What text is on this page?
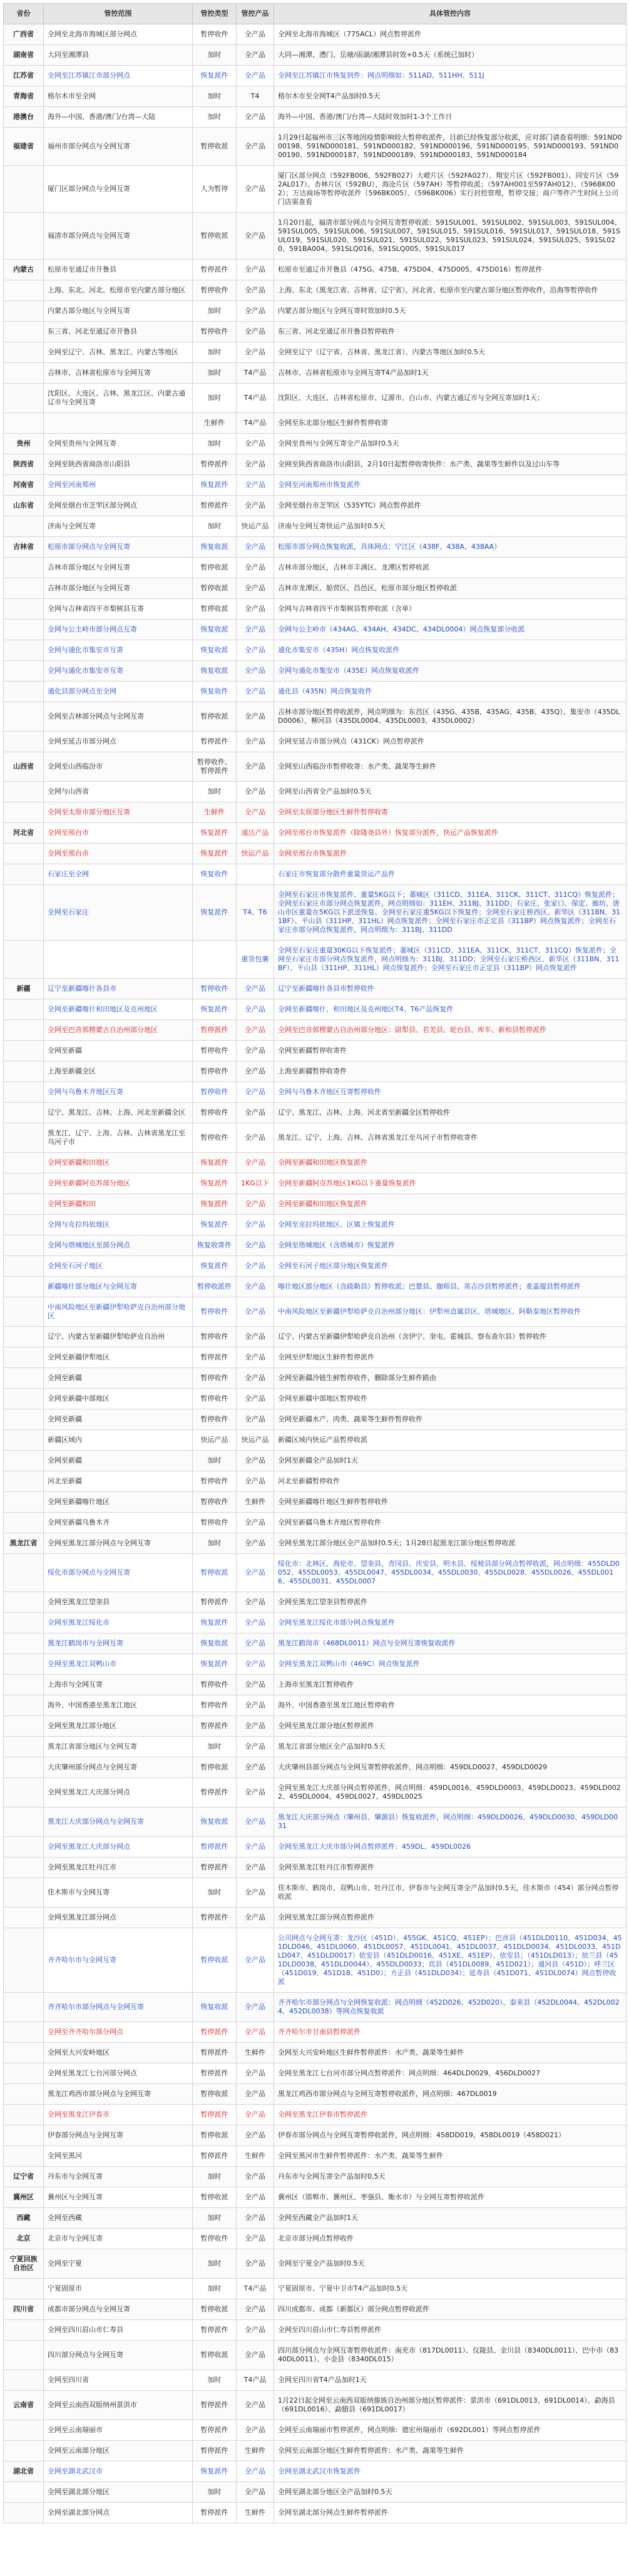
省份	管控范围	管控类型	管控产品	具体管控内容
广西省	全网至北海市海城区部分网点	暂停收件	全产品	全网至北海市海城区（775ACL）网点暂停派件
湖南省	大同至湘潭县	加时	全产品	大同—湘潭、澧门、岳塘/雨湖/湘潭县时效+0.5天（系统已加时）
江苏省	全网至江苏镇江市部分网点	恢复派件	全产品	全网至江苏镇江市恢复到件：网点明细如：511AD、511HH、511J
青海省	格尔木市至全网	加时	T4	格尔木市至全网T4产品加时0.5天
港澳台	海外—中国、香港/澳门/台湾—大陆	加时	全产品	海外—中国、香港/澳门/台湾—大陆时效加时1-3个工作日
福建省	福州市部分网点与全网互寄	暂停收派	全产品	1月29日起福州市三区等地因疫情影响较大暂停收派件，目前已经恢复部分收派，应对部门请查看明细：591ND000198、591ND000181、591ND000182、591ND000196、591ND000195、591ND000193、591ND000190、591ND000187、591ND000189、591ND000183、591ND000184
	厦门区部分网点与全网互寄	人为暂停	全产品	厦门区部分网点（592FB006、592FB027）大嶝片区（592FA027）、翔安片区（592FB001）、同安片区（592AL017）、杏林片区（592BU）、海沧片区（597AH）等暂停收派；（597AH001至597AH012）、（596BK002）；万达商场等暂停收派件（596BK005）、（596BK006）实行封控管理，暂停交接；商户等件产生时间上公司门店需查看
	福清市部分网点与全网互寄	暂停收派	全产品	1月20日起，福清市部分网点与全网互寄暂停收派：591SUL001、591SUL002、591SUL003、591SUL004、591SUL005、591SUL006、591SUL007、591SUL015、591SUL016、591SUL017、591SUL018、591SUL019、591SUL020、591SUL021、591SUL022、591SUL023、591SUL024、591SUL025、591SL020、591BA004、591SLQ016、591SLQ005、591SUL017
内蒙古	松原市至通辽市开鲁县	暂停派件	全产品	松原市至通辽市开鲁县（475G、475B、475D04、475D005、475D016）暂停派件
	上海、东北、河北、松原市至内蒙古部分地区	暂停收件	全产品	上海、东北（黑龙江省、吉林省、辽宁省）、河北省、松原市至内蒙古部分地区暂停收件，沿海等暂停收件
	内蒙古部分地区与全网互寄	加时	全产品	内蒙古部分地区与全网互寄时效加时0.5天
	东三省、河北至通辽市开鲁县	暂停收件	全产品	东三省、河北至通辽市开鲁县暂停收件
	全网至辽宁、吉林、黑龙江、内蒙古等地区	加时	全产品	全网至辽宁（辽宁省、吉林省、黑龙江省）、内蒙古等地区加时0.5天
	吉林市、吉林省松原市与全网互寄	加时	T4产品	吉林市、吉林省松原市与全网互寄T4产品加时1天
	沈阳区、大连区、吉林、黑龙江区、内蒙古通辽市与全网互寄	加时	T4产品	沈阳区、大连区、吉林省松原市、辽源市、白山市、内蒙古通辽市与全网互寄加时1天；
		生鲜件	T4产品	全网至东北部分地区生鲜件暂停收寄
贵州	全网至贵州与全网互寄	加时	全产品	全网至贵州与全网互寄全产品加时0.5天
陕西省	全网至陕西省商洛市山阳县	暂停派件	全产品	全网至陕西省商洛市山阳县，2月10日起暂停收寄快件：水产类、蔬果等生鲜件以及过山车等
河南省	全网至河南郑州	恢复派件	全产品	全网至河南郑州市恢复派件
山东省	全网至烟台市芝罘区部分网点	暂停派件	全产品	全网至烟台市芝罘区（535YTC）网点暂停派件
	济南与全网互寄	加时	快运产品	济南与全网互寄快运产品加时0.5天
吉林省	松原市部分网点与全网互寄	恢复收派	全产品	松原市部分网点恢复收派，具体网点：宁江区（438F、438A、438AA）
	吉林市部分地区与全网互寄	暂停收派	全产品	吉林市部分地区，吉林市丰满区、龙潭区暂停收派
	吉林市部分地区与全网互寄	暂停收派	全产品	吉林市龙潭区、船营区、昌邑区、松原市部分地区暂停收派
	全网与吉林省四平市梨树县互寄	暂停收派	全产品	全网与吉林省四平市梨树县暂停收派（含单）
	全网与公主岭市部分网点互寄	恢复收派	全产品	全网与公主岭市（434AG、434AH、434DC、434DL0004）网点恢复部分收派
	全网与通化市集安市互寄	恢复收派	全产品	通化市集安市（435H）网点恢复收派件
	全网与通化市集安市互寄	恢复收派	全产品	全网与通化市集安市（435E）网点恢复收派件
	通化县部分网点至全网	恢复收件	全产品	通化县（435N）网点恢复收件
	全网至吉林部分网点与全网互寄	暂停收派	全产品	吉林市部分地区暂停收派件，网点明细为：东昌区（435G、435B、435AG、435B、435Q）、集安市（435DLD0006）、柳河县（435DL0004、435DL0003、435DL0002）
	全网至延吉市部分网点	暂停派件	全产品	全网至延吉市部分网点（431CK）网点暂停派件
山西省	全网至山西临汾市	暂停收件、暂停派件	全产品	全网至山西临汾市暂停收寄：水产类、蔬果等生鲜件
	全网与山西省	加时	全产品	全网至山西省全产品加时0.5天
	全网至太原市部分地区互寄	生鲜件	全产品	全网至太原部分地区生鲜件暂停收寄
河北省	全网至邢台市	恢复派件	通达产品	全网至邢台市恢复派件（除隆尧县外）恢复部分派件，快运产品恢复派件
	全网至邢台市	恢复派件	快运产品	全网至邢台市恢复派件
	石家庄至全网	恢复收件		石家庄市恢复部分散件重量货运产品件
	全网至石家庄	恢复派件	T4、T6	全网至石家庄市恢复派件、重量5KG以下；藁城区（311CD、311EA、311CK、311CT、311CQ）恢复派件；全网至石家庄市部分网点恢复派件，网点明细如：311EH、311BJ、311DD；石家庄、张家口、保定、廊坊、唐山市区重量在5KG以下派送恢复、全网至石家庄重5KG以下恢复件；全网至石家庄桥西区、新华区（311BN、311BF）、平山县（311HP、311HL）网点恢复派件；全网至石家庄市正定县（311BP）网点恢复派件；全网至石家庄市部分网点恢复派件，网点明细为：311BJ、311DD
			重货包裹	全网至石家庄重量30KG以下恢复派件；藁城区（311CD、311EA、311CK、311CT、311CQ）恢复派件；全网至石家庄市部分网点恢复派件，网点明细为：311BJ、311DD；全网至石家庄桥西区、新华区（311BN、311BF）、平山县（311HP、311HL）网点恢复派件；全网至石家庄市正定县（311BP）网点恢复派件
新疆	辽宁至新疆喀什各县市	暂停收件	全产品	辽宁至新疆喀什各县市暂停收件
	全网至新疆喀什和田地区及克州地区	恢复派件	全产品	全网至新疆喀什、和田地区及克州地区T4、T6产品恢复件
	全网至巴音郭楞蒙古自治州部分地区	暂停派件	全产品	全网至巴音郭楞蒙古自治州部分地区：尉犁县、若羌县、轮台县、库车、新和县暂停派件
	全网至新疆	暂停收件	全产品	全网至新疆暂停收寄件
	上海至新疆全区	暂停收件	全产品	上海至新疆暂停收寄件
	全网与乌鲁木齐地区互寄	暂停收件	全产品	全网与乌鲁木齐地区互寄暂停收件
	辽宁、黑龙江、吉林、上海、河北至新疆全区	暂停收件	全产品	辽宁、黑龙江、吉林、上海、河北省至新疆全区暂停收件
	黑龙江、辽宁、上海、吉林、吉林省黑龙江至乌河子市	暂停收件	全产品	黑龙江、辽宁、上海、吉林、吉林省黑龙江至乌河子市暂停收寄件
	全网至新疆和田地区	恢复派件	全产品	全网至新疆和田地区恢复派件
	全网至新疆阿克苏部分地区	恢复派件	1KG以下	全网至新疆阿克苏地区1KG以下重量恢复派件
	全网至新疆和田	恢复派件	全产品	全网至新疆和田地区恢复派件
	全网与克拉玛依地区	恢复派件	全产品	全网至克拉玛依地区、区镇上恢复派件
	全网与塔城地区至部分网点	恢复收寄件	全产品	全网至塔城地区（含塔城市）恢复派件
	全网至石河子地区	恢复派件	全产品	全网至石河子地区部分地区恢复派件
	新疆喀什部分地区与全网互寄	暂停收派件	全产品	喀什地区部分地区（含疏勒县）暂停收派；巴楚县、伽师县、英吉沙县暂停派件；麦盖提县暂停派件
	中南风险地区至新疆伊犁哈萨克自治州部分地区	暂停收件	全产品	中南风险地区至新疆伊犁哈萨克自治州部分地区：伊犁州直属县区、塔城地区、阿勒泰地区暂停收件
	辽宁、内蒙古至新疆伊犁哈萨克自治州	暂停收件	全产品	辽宁、内蒙古至新疆伊犁哈萨克自治州（含伊宁、奎屯、霍城县、察布查尔县）暂停收件
	全网至新疆伊犁地区	暂停派件	全产品	全网至伊犁地区生鲜件暂停派件
	全网至新疆	暂停收件	全产品	全网至新疆冷链生鲜暂停收件，删除部分生鲜件路由
	全网至新疆中部地区	暂停收件	全产品	全网至新疆中部地区暂停收件
	全网至新疆	暂停收件	全产品	全网至新疆水产、肉类、蔬果等生鲜件暂停收件
	新疆区域内	快运产品	快运产品	新疆区域内快运产品暂停收派
	全网至新疆	加时	全产品	全网至新疆全产品加时1天
	河北至新疆	暂停收件	全产品	河北至新疆暂停收件
	全网至新疆喀什地区	暂停收件	生鲜件	全网至新疆喀什地区生鲜件暂停收件
	全网至新疆乌鲁木齐	暂停收件	全产品	全网至新疆乌鲁木齐地区暂停收件
黑龙江省	全网至黑龙江部分网点与全网互寄	加时	全产品	全网至黑龙江部分地区全产品加时0.5天；1月28日起黑龙江部分地区暂停收派
	绥化市部分网点与全网互寄	暂停收派	全产品	绥化市：北林区、海伦市、望奎县、青冈县、庆安县、明水县、绥棱县部分网点暂停收派，网点明细：455DLD0052、455DL0053、455DL0047、455DL0034、455DL0030、455DL0028、455DL0026、455DL0016、455DL0031、455DL0007
	全网至黑龙江望奎县	暂停派件	全产品	全网至黑龙江望奎县暂停派件
	全网至黑龙江绥化市	恢复派件	全产品	全网至黑龙江绥化市部分网点恢复派件
	黑龙江鹤岗市与全网互寄	恢复收派	全产品	黑龙江鹤岗市（468DL0011）网点与全网互寄恢复收派件
	全网至黑龙江双鸭山市	恢复派件	全产品	全网至黑龙江双鸭山市（469C）网点恢复派件
	上海市与全网互寄	暂停收件	全产品	上海市至黑龙江暂停收件
	海外、中国香港至黑龙江地区	暂停收件	全产品	海外、中国香港至黑龙江地区暂停收件
	全网至黑龙江部分地区	暂停派件	全产品	全网至黑龙江部分地区暂停派件
	黑龙江省部分地区与全网互寄	加时	全产品	黑龙江省部分地区全产品加时0.5天
	大庆肇州部分网点与全网互寄	暂停收派	全产品	大庆肇州县部分网点与全网互寄暂停收派件，网点明细：459DLD0027、459DLD0029
	全网至黑龙江大庆部分网点	暂停派件	全产品	全网至黑龙江大庆部分网点暂停派件，网点明细：459DL0016、459DLD0003、459DLD0023、459DLD0022、459DL0004、459DL0027、459DL0025
	黑龙江大庆部分网点与全网互寄	恢复收派	全产品	黑龙江大庆部分网点（肇州县、肇源县）恢复收派件，网点明细：459DLD0026、459DLD0030、459DLD0031
	全网至黑龙江大庆部分网点	暂停派件	全产品	全网至黑龙江大庆市部分网点暂停派件：459DL、459DL0026
	全网至黑龙江牡丹江市	暂停派件	全产品	全网至黑龙江牡丹江市暂停派件
	佳木斯市与全网互寄	加时	全产品	佳木斯市、鹤岗市、双鸭山市、牡丹江市、伊春市与全网互寄全产品加时0.5天，佳木斯市（454）部分网点暂停收派
	全网至黑龙江部分网点	暂停派件	全产品	全网至黑龙江部分网点暂停派件
	齐齐哈尔市与全网互寄	暂停收派	全产品	公司网点与全网互寄：龙沙区（451D）、455GK、451CQ、451EP）；巴彦县（451DLD0110、451D034、451DLD046、451DL0060、451DL0057、451DL0041、451DL0037、451DLD0034、451DL0033、451DLD047、451DLD0017）依安县（451DLD0016、451XE、451EP）、依安县；（451DLD013）；依兰县（451DLD0038、451DLD0044）、455DLD0033；宾县（451DL0089、451D021）；通河县（451D）；呼兰区（451D019、451D18、451D0）；方正县（451DLD034）；延寿县（451D071、451DL0074）网点暂停收派
	齐齐哈尔市部分网点与全网互寄	恢复收派	全产品	齐齐哈尔市部分网点与全网恢复收派：网点明细（452D026、452D020）、泰来县（452DL0044、452DL0024、452DL0038）等网点恢复收派
	全网至齐齐哈尔部分网点	暂停派件	全产品	齐齐哈尔市甘南县暂停派件
	全网至大兴安岭地区	暂停派件	生鲜件	全网至大兴安岭地区生鲜件暂停派件：水产类、蔬果等生鲜件
	全网至黑龙江七台河部分网点	暂停派件	全产品	全网至黑龙江七台河市部分网点暂停派件：网点明细：464DLD0029、456DLD0027
	黑龙江鸡西市部分网点与全网互寄	暂停收派	全产品	黑龙江鸡西市部分网点与全网互寄暂停收派件，网点明细：467DL0019
	全网至黑龙江伊春市	暂停派件	全产品	全网至黑龙江伊春市暂停派件
	伊春部分网点与全网互寄	暂停收派	全产品	伊春市部分网点与全网互寄暂停收派件，网点明细：458DD019、458DL0019（458D021）
	全网至黑河	暂停派件	生鲜件	全网至黑河市生鲜件暂停派件：水产类、蔬果等生鲜件
辽宁省	丹东市与全网互寄	加时	全产品	丹东市与全网互寄全产品加时0.5天
冀州区	冀州区与全网互寄	暂停收派	全产品	冀州区（邯郸市、冀州区、枣强县、衡水市）与全网互寄暂停收派件
西藏	全网至西藏	加时	全产品	全网至西藏全产品加时1天
北京	北京市与全网互寄	暂停收件	全产品	北京市部分网点暂停收件
宁夏回族自治区	全网至宁夏	加时	全产品	全网至宁夏全产品加时0.5天
	宁夏固原市	加时	T4产品	宁夏固原市、宁夏中卫市T4产品加时0.5天
四川省	成都市部分网点与全网互寄	暂停收派	全产品	四川成都市、成都（新都区）部分网点暂停收派件
	全网至四川眉山市仁寿县	暂停派件	全产品	全网至四川眉山市仁寿县暂停派件
	四川部分网点与全网互寄	暂停收派	全产品	四川部分网点与全网互寄暂停收派件：南充市（817DL0011）、仪陇县、金川县（8340DL0011）、巴中市（8340DL0011）、小金县（8340DL015）
	全网至四川省	加时	T4产品	全网至四川省T4产品加时1天
云南省	全网至云南西双版纳州景洪市	暂停派件	全产品	1月22日起全网至云南西双版纳傣族自治州部分地区暂停派件：景洪市（691DL0013、691DL0014）、勐海县（691DL0016）、勐腊县（691DL0017）
	全网至云南瑞丽市	暂停派件	全产品	全网至云南瑞丽市暂停派件，网点明细：德宏州瑞丽市（692DL001）等网点暂停派件
	全网至云南部分地区	暂停派件	生鲜件	全网至云南部分地区生鲜件暂停派件：水产类、蔬果等生鲜件
湖北省	全网至湖北武汉市	恢复派件	全产品	全网至湖北武汉市恢复派件
	全网至湖北部分地区	加时	全产品	全网至湖北部分地区全产品加时0.5天
	全网至湖北部分网点	暂停派件	生鲜件	全网至湖北部分网点生鲜件暂停派件
